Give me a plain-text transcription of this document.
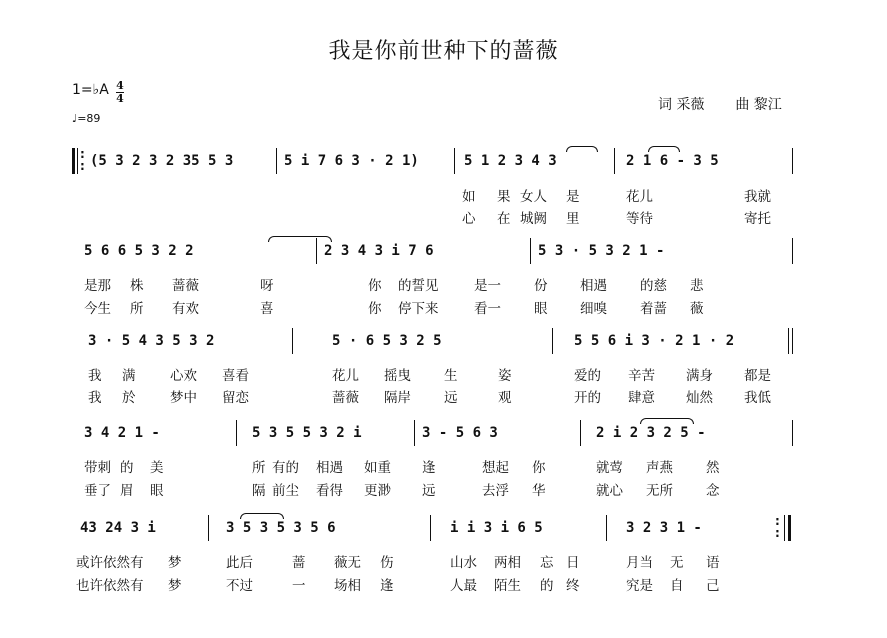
我是你前世种下的蔷薇
1=♭A 4
4
♩=89
词 采薇 曲 黎江
:
: (5 3 2 3 2 35 5 3	5 i 7 6 3 · 2 1)	5 1 2 3 4 3	2 1 6 - 3 5
如 果 女人 是	花儿	我就
心 在 城阙 里	等待	寄托
5 6 6 5 3 2 2	2 3 4 3 i 7 6	5 3 · 5 3 2 1 -
是那 株 蔷薇	呀	你 的誓见	是一 份 相遇 的慈 悲
今生 所 有欢	喜	你 停下来	看一 眼 细嗅 着蔷 薇
3 · 5 4 3 5 3 2	5 · 6 5 3 2 5	5 5 6 i 3 · 2 1 · 2
我 满	心欢 喜看	花儿 摇曳 生	姿	爱的 辛苦 满身 都是
我 於	梦中 留恋	蔷薇 隔岸 远	观	开的 肆意 灿然 我低
3 4 2 1 -	5 3 5 5 3 2 i	3 - 5 6 3	2 i 2 3 2 5 -
带刺 的 美	所 有的 相遇 如重 逢	想起 你	就莺 声燕 然
垂了 眉 眼	隔 前尘 看得 更渺 远	去浮 华	就心 无所 念
43 24 3 i	3 5 3 5 3 5 6	i i 3 i 6 5	3 2 3 1 -	:
:
或许依然有 梦	此后	蔷 薇无 伤	山水 两相 忘 日	月当 无 语
也许依然有 梦	不过	一 场相 逢	人最 陌生 的 终	究是 自 己
